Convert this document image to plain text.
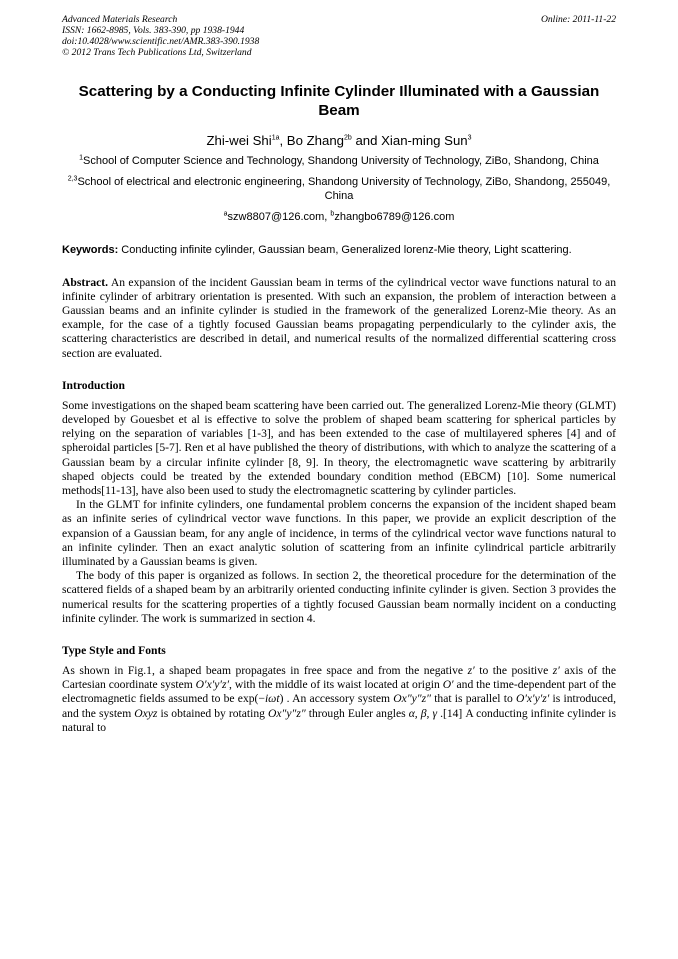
Advanced Materials Research
ISSN: 1662-8985, Vols. 383-390, pp 1938-1944
doi:10.4028/www.scientific.net/AMR.383-390.1938
© 2012 Trans Tech Publications Ltd, Switzerland
Online: 2011-11-22
Scattering by a Conducting Infinite Cylinder Illuminated with a Gaussian Beam
Zhi-wei Shi$^{1a}$, Bo Zhang$^{2b}$ and Xian-ming Sun$^3$
$^1$School of Computer Science and Technology, Shandong University of Technology, ZiBo, Shandong, China
$^{2,3}$School of electrical and electronic engineering, Shandong University of Technology, ZiBo, Shandong, 255049, China
$^a$szw8807@126.com, $^b$zhangbo6789@126.com
Keywords: Conducting infinite cylinder, Gaussian beam, Generalized lorenz-Mie theory, Light scattering.
Abstract. An expansion of the incident Gaussian beam in terms of the cylindrical vector wave functions natural to an infinite cylinder of arbitrary orientation is presented. With such an expansion, the problem of interaction between a Gaussian beams and an infinite cylinder is studied in the framework of the generalized Lorenz-Mie theory. As an example, for the case of a tightly focused Gaussian beams propagating perpendicularly to the cylinder axis, the scattering characteristics are described in detail, and numerical results of the normalized differential scattering cross section are evaluated.
Introduction

Some investigations on the shaped beam scattering have been carried out. The generalized Lorenz-Mie theory (GLMT) developed by Gouesbet et al is effective to solve the problem of shaped beam scattering for spherical particles by relying on the separation of variables [1-3], and has been extended to the case of multilayered spheres [4] and of spheroidal particles [5-7]. Ren et al have published the theory of distributions, with which to analyze the scattering of a Gaussian beam by a circular infinite cylinder [8, 9]. In theory, the electromagnetic wave scattering by arbitrarily shaped objects could be treated by the extended boundary condition method (EBCM) [10]. Some numerical methods[11-13], have also been used to study the electromagnetic scattering by cylinder particles.

In the GLMT for infinite cylinders, one fundamental problem concerns the expansion of the incident shaped beam as an infinite series of cylindrical vector wave functions. In this paper, we provide an explicit description of the expansion of a Gaussian beam, for any angle of incidence, in terms of the cylindrical vector wave functions natural to an infinite cylinder. Then an exact analytic solution of scattering from an infinite cylindrical particle arbitrarily illuminated by a Gaussian beams is given.

The body of this paper is organized as follows. In section 2, the theoretical procedure for the determination of the scattered fields of a shaped beam by an arbitrarily oriented conducting infinite cylinder is given. Section 3 provides the numerical results for the scattering properties of a tightly focused Gaussian beam normally incident on a conducting infinite cylinder. The work is summarized in section 4.

Type Style and Fonts

As shown in Fig.1, a shaped beam propagates in free space and from the negative z′ to the positive z′ axis of the Cartesian coordinate system O′x′y′z′, with the middle of its waist located at origin O′ and the time-dependent part of the electromagnetic fields assumed to be exp(−iωt) . An accessory system Ox″y″z″ that is parallel to O′x′y′z′ is introduced, and the system Oxyz is obtained by rotating Ox″y″z″ through Euler angles α, β, γ .[14] A conducting infinite cylinder is natural to
